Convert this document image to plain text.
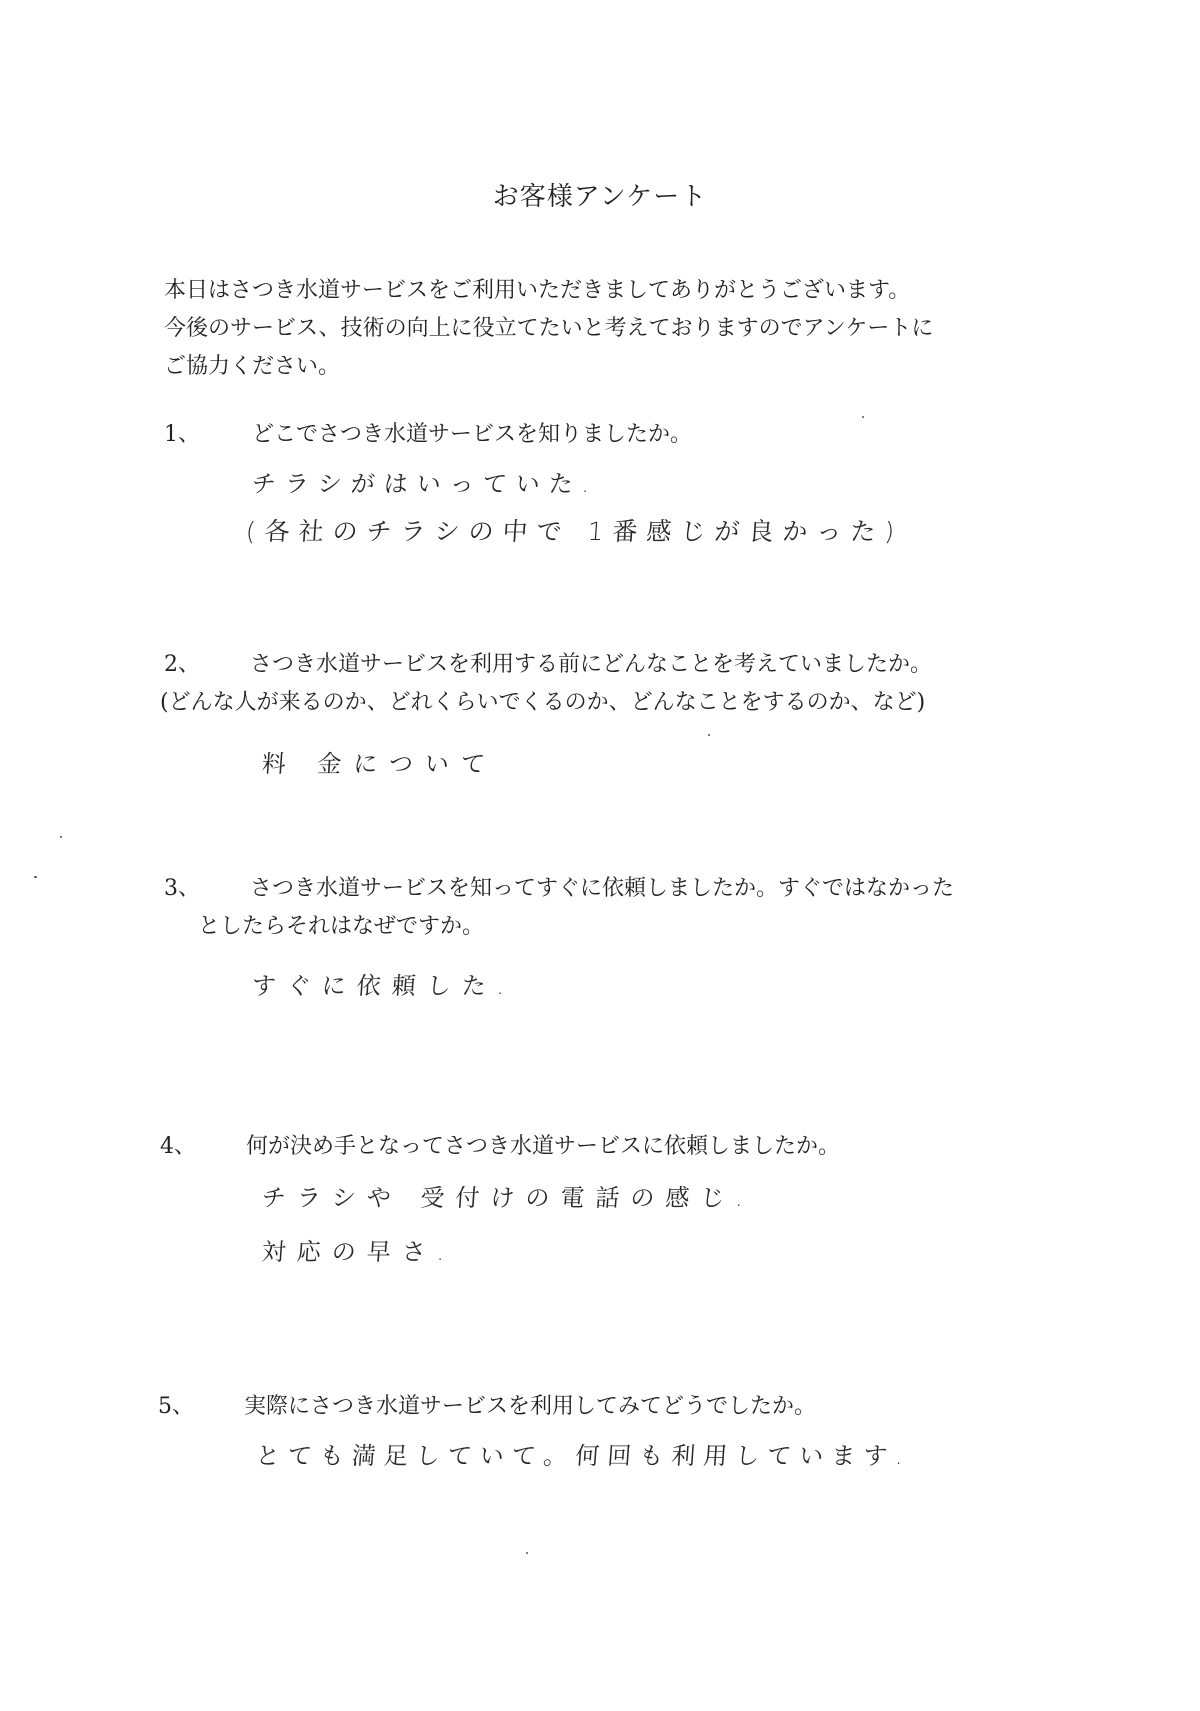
お客様アンケート
本日はさつき水道サービスをご利用いただきましてありがとうございます。
今後のサービス、技術の向上に役立てたいと考えておりますのでアンケートに
ご協力ください。
1、 どこでさつき水道サービスを知りましたか。
チラシがはいっていた.
(各社のチラシの中で 1番感じが良かった)
2、 さつき水道サービスを利用する前にどんなことを考えていましたか。
(どんな人が来るのか、どれくらいでくるのか、どんなことをするのか、など)
料 金について
3、 さつき水道サービスを知ってすぐに依頼しましたか。すぐではなかった
としたらそれはなぜですか。
すぐに依頼した.
4、 何が決め手となってさつき水道サービスに依頼しましたか。
チラシや 受付けの電話の感じ.
対応の早さ.
5、 実際にさつき水道サービスを利用してみてどうでしたか。
とても満足していて。何回も利用しています.
